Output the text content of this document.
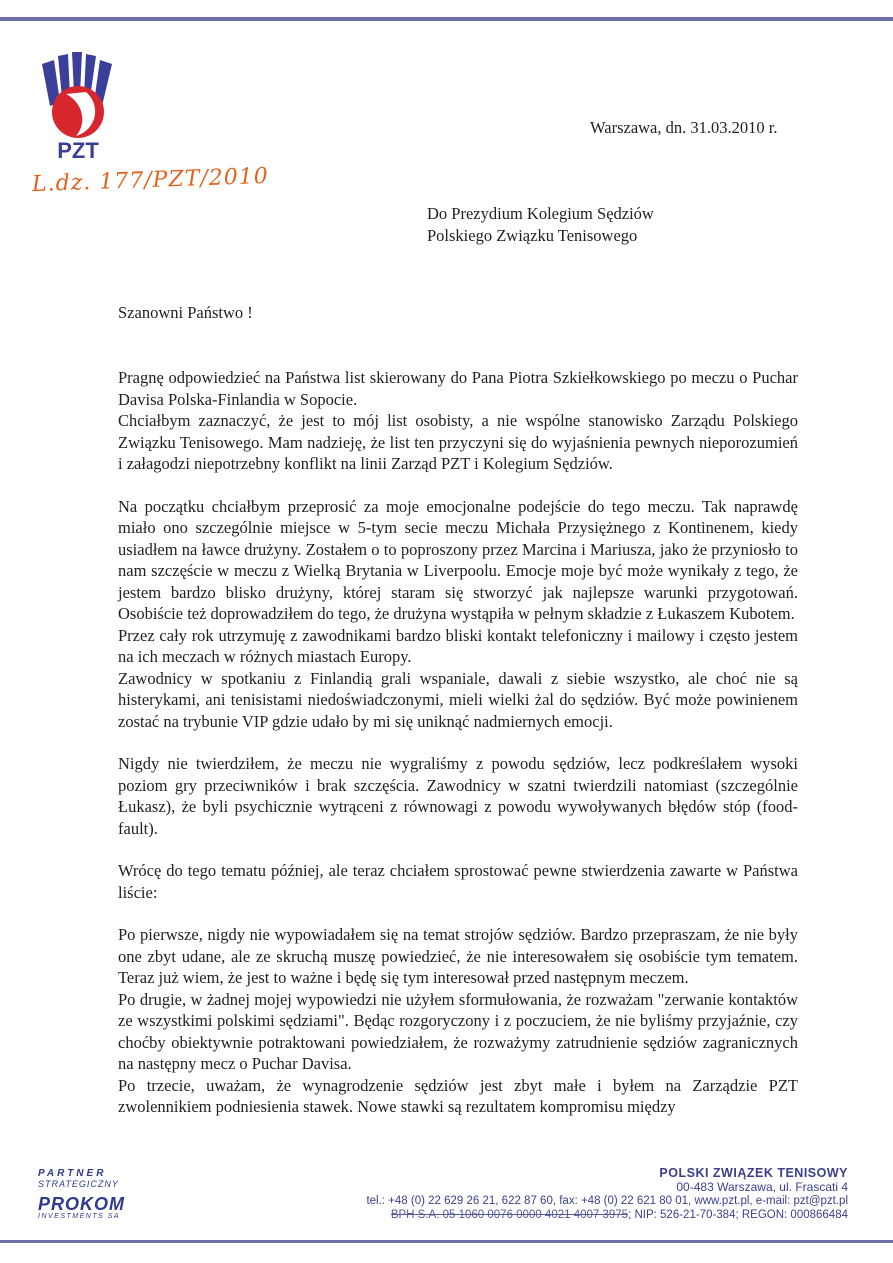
PZT
L.dz. 177/PZT/2010
Warszawa, dn. 31.03.2010 r.
Do Prezydium Kolegium Sędziów
Polskiego Związku Tenisowego
Szanowni Państwo !

Pragnę odpowiedzieć na Państwa list skierowany do Pana Piotra Szkiełkowskiego po meczu o Puchar Davisa Polska-Finlandia w Sopocie.
Chciałbym zaznaczyć, że jest to mój list osobisty, a nie wspólne stanowisko Zarządu Polskiego Związku Tenisowego. Mam nadzieję, że list ten przyczyni się do wyjaśnienia pewnych nieporozumień i załagodzi niepotrzebny konflikt na linii Zarząd PZT i Kolegium Sędziów.

Na początku chciałbym przeprosić za moje emocjonalne podejście do tego meczu. Tak naprawdę miało ono szczególnie miejsce w 5-tym secie meczu Michała Przysiężnego z Kontinenem, kiedy usiadłem na ławce drużyny. Zostałem o to poproszony przez Marcina i Mariusza, jako że przyniosło to nam szczęście w meczu z Wielką Brytania w Liverpoolu. Emocje moje być może wynikały z tego, że jestem bardzo blisko drużyny, której staram się stworzyć jak najlepsze warunki przygotowań. Osobiście też doprowadziłem do tego, że drużyna wystąpiła w pełnym składzie z Łukaszem Kubotem.
Przez cały rok utrzymuję z zawodnikami bardzo bliski kontakt telefoniczny i mailowy i często jestem na ich meczach w różnych miastach Europy.
Zawodnicy w spotkaniu z Finlandią grali wspaniale, dawali z siebie wszystko, ale choć nie są histerykami, ani tenisistami niedoświadczonymi, mieli wielki żal do sędziów. Być może powinienem zostać na trybunie VIP gdzie udało by mi się uniknąć nadmiernych emocji.

Nigdy nie twierdziłem, że meczu nie wygraliśmy z powodu sędziów, lecz podkreślałem wysoki poziom gry przeciwników i brak szczęścia. Zawodnicy w szatni twierdzili natomiast (szczególnie Łukasz), że byli psychicznie wytrąceni z równowagi z powodu wywoływanych błędów stóp (food- fault).

Wrócę do tego tematu później, ale teraz chciałem sprostować pewne stwierdzenia zawarte w Państwa liście:

Po pierwsze, nigdy nie wypowiadałem się na temat strojów sędziów. Bardzo przepraszam, że nie były one zbyt udane, ale ze skruchą muszę powiedzieć, że nie interesowałem się osobiście tym tematem. Teraz już wiem, że jest to ważne i będę się tym interesował przed następnym meczem.
Po drugie, w żadnej mojej wypowiedzi nie użyłem sformułowania, że rozważam "zerwanie kontaktów ze wszystkimi polskimi sędziami". Będąc rozgoryczony i z poczuciem, że nie byliśmy przyjaźnie, czy choćby obiektywnie potraktowani powiedziałem, że rozważymy zatrudnienie sędziów zagranicznych na następny mecz o Puchar Davisa.
Po trzecie, uważam, że wynagrodzenie sędziów jest zbyt małe i byłem na Zarządzie PZT zwolennikiem podniesienia stawek. Nowe stawki są rezultatem kompromisu między

PARTNER
STRATEGICZNY
PROKOM
INVESTMENTS SA
POLSKI ZWIĄZEK TENISOWY
00-483 Warszawa, ul. Frascati 4
tel.: +48 (0) 22 629 26 21, 622 87 60, fax: +48 (0) 22 621 80 01, www.pzt.pl, e-mail: pzt@pzt.pl
BPH S.A. 05 1060 0076 0000 4021 4007 3975; NIP: 526-21-70-384; REGON: 000866484
